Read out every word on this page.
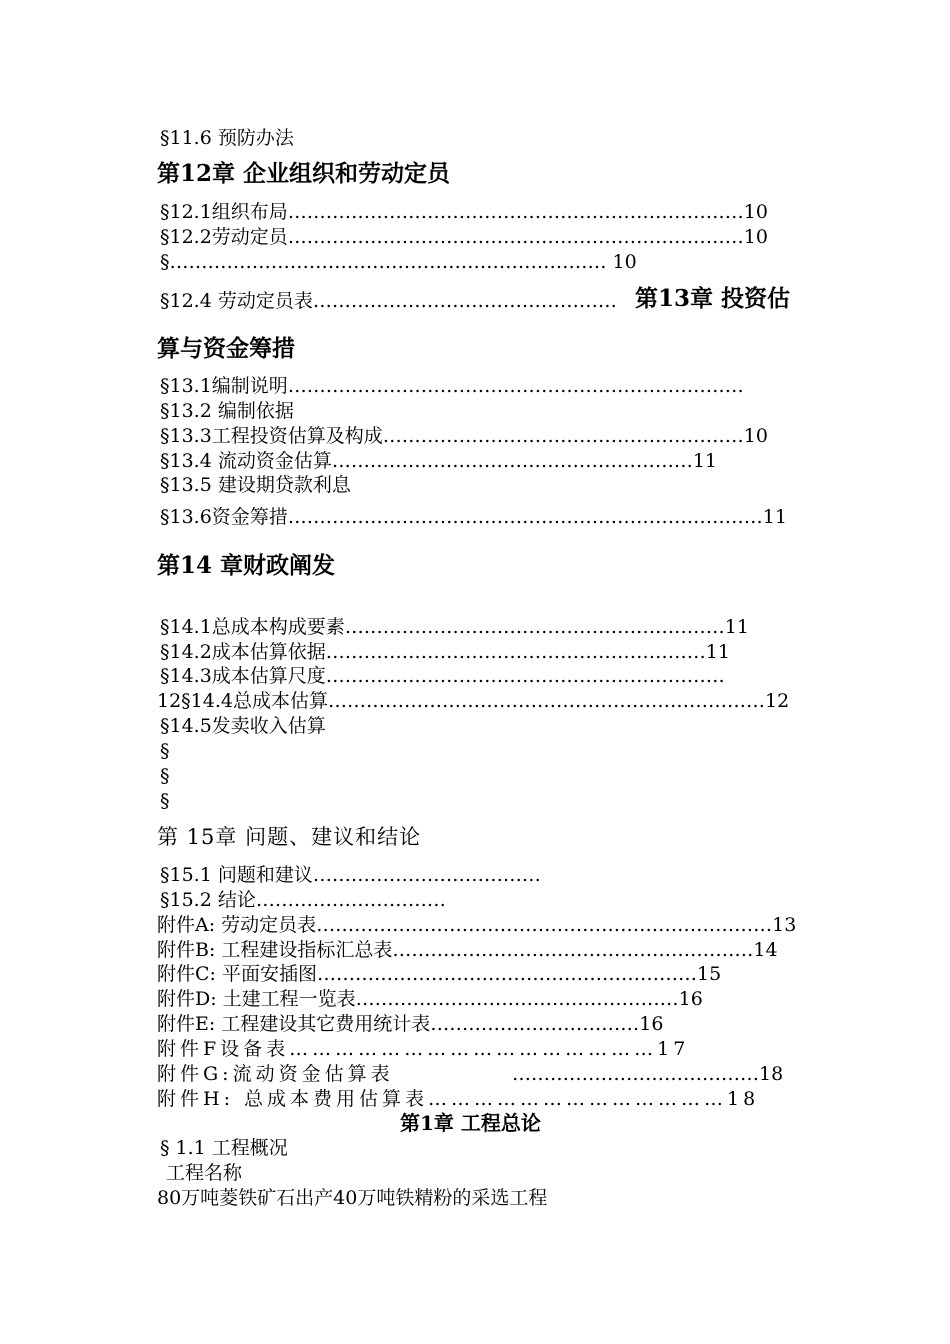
§11.6 预防办法
第12章 企业组织和劳动定员
§12.1组织布局………………………………………………………………10
§12.2劳动定员………………………………………………………………10
§…………………………………………………………… 10
§12.4 劳动定员表………………………………………… 第13章 投资估
算与资金筹措
§13.1编制说明………………………………………………………………
§13.2 编制依据
§13.3工程投资估算及构成…………………………………………………10
§13.4 流动资金估算…………………………………………………11
§13.5 建设期贷款利息
§13.6资金筹措…………………………………………………………………11
第14 章财政阐发
§14.1总成本构成要素……………………………………………………11
§14.2成本估算依据……………………………………………………11
§14.3成本估算尺度………………………………………………………
12§14.4总成本估算……………………………………………………………12
§14.5发卖收入估算
§
§
§
第 15章 问题、建议和结论
§15.1 问题和建议………………………………
§15.2 结论…………………………
附件A: 劳动定员表………………………………………………………………13
附件B: 工程建设指标汇总表…………………………………………………14
附件C: 平面安插图……………………………………………………15
附件D: 土建工程一览表……………………………………………16
附件E: 工程建设其它费用统计表……………………………16
附件F设备表…………………………………………17
附件G:流动资金估算表	…………………………………18
附件H: 总成本费用估算表…………………………………18
第1章 工程总论
§ 1.1 工程概况
工程名称
80万吨菱铁矿石出产40万吨铁精粉的采选工程
